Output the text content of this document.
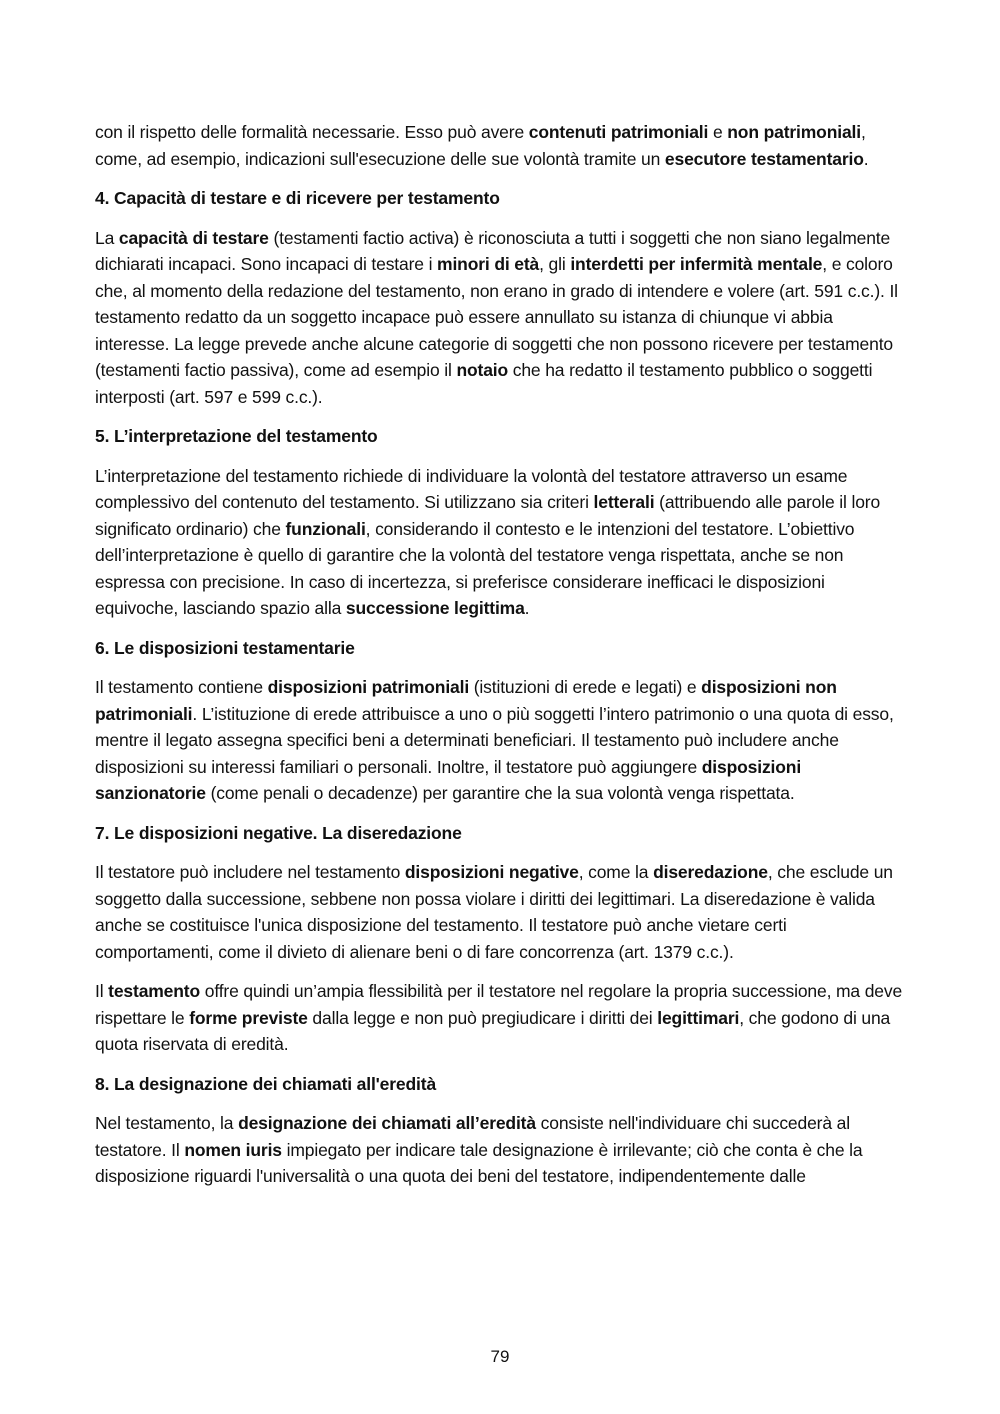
con il rispetto delle formalità necessarie. Esso può avere contenuti patrimoniali e non patrimoniali, come, ad esempio, indicazioni sull'esecuzione delle sue volontà tramite un esecutore testamentario.

4. Capacità di testare e di ricevere per testamento

La capacità di testare (testamenti factio activa) è riconosciuta a tutti i soggetti che non siano legalmente dichiarati incapaci. Sono incapaci di testare i minori di età, gli interdetti per infermità mentale, e coloro che, al momento della redazione del testamento, non erano in grado di intendere e volere (art. 591 c.c.). Il testamento redatto da un soggetto incapace può essere annullato su istanza di chiunque vi abbia interesse. La legge prevede anche alcune categorie di soggetti che non possono ricevere per testamento (testamenti factio passiva), come ad esempio il notaio che ha redatto il testamento pubblico o soggetti interposti (art. 597 e 599 c.c.).

5. L’interpretazione del testamento

L’interpretazione del testamento richiede di individuare la volontà del testatore attraverso un esame complessivo del contenuto del testamento. Si utilizzano sia criteri letterali (attribuendo alle parole il loro significato ordinario) che funzionali, considerando il contesto e le intenzioni del testatore. L’obiettivo dell’interpretazione è quello di garantire che la volontà del testatore venga rispettata, anche se non espressa con precisione. In caso di incertezza, si preferisce considerare inefficaci le disposizioni equivoche, lasciando spazio alla successione legittima.

6. Le disposizioni testamentarie

Il testamento contiene disposizioni patrimoniali (istituzioni di erede e legati) e disposizioni non patrimoniali. L’istituzione di erede attribuisce a uno o più soggetti l’intero patrimonio o una quota di esso, mentre il legato assegna specifici beni a determinati beneficiari. Il testamento può includere anche disposizioni su interessi familiari o personali. Inoltre, il testatore può aggiungere disposizioni sanzionatorie (come penali o decadenze) per garantire che la sua volontà venga rispettata.

7. Le disposizioni negative. La diseredazione

Il testatore può includere nel testamento disposizioni negative, come la diseredazione, che esclude un soggetto dalla successione, sebbene non possa violare i diritti dei legittimari. La diseredazione è valida anche se costituisce l'unica disposizione del testamento. Il testatore può anche vietare certi comportamenti, come il divieto di alienare beni o di fare concorrenza (art. 1379 c.c.).

Il testamento offre quindi un’ampia flessibilità per il testatore nel regolare la propria successione, ma deve rispettare le forme previste dalla legge e non può pregiudicare i diritti dei legittimari, che godono di una quota riservata di eredità.

8. La designazione dei chiamati all'eredità

Nel testamento, la designazione dei chiamati all’eredità consiste nell'individuare chi succederà al testatore. Il nomen iuris impiegato per indicare tale designazione è irrilevante; ciò che conta è che la disposizione riguardi l'universalità o una quota dei beni del testatore, indipendentemente dalle

79
